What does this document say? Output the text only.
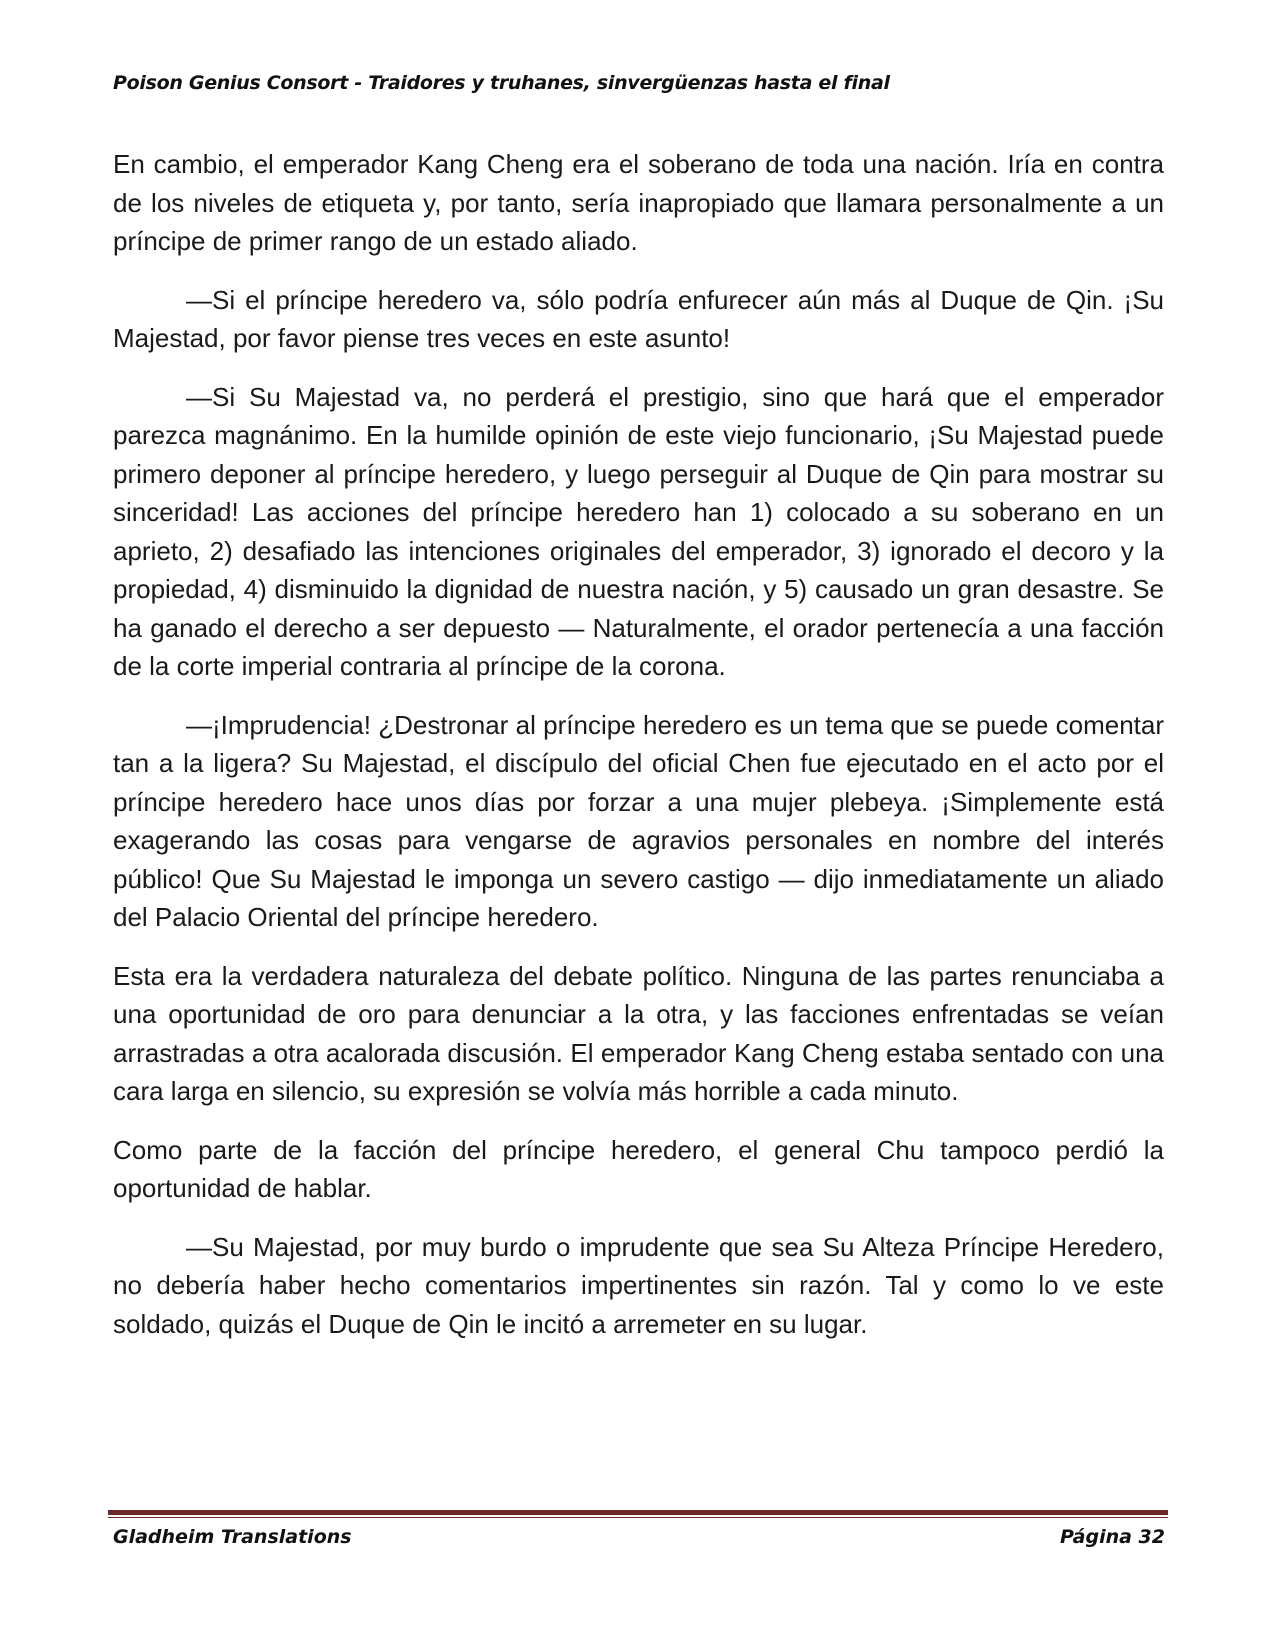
Poison Genius Consort - Traidores y truhanes, sinvergüenzas hasta el final

En cambio, el emperador Kang Cheng era el soberano de toda una nación. Iría en contra de los niveles de etiqueta y, por tanto, sería inapropiado que llamara personalmente a un príncipe de primer rango de un estado aliado.

—Si el príncipe heredero va, sólo podría enfurecer aún más al Duque de Qin. ¡Su Majestad, por favor piense tres veces en este asunto!

—Si Su Majestad va, no perderá el prestigio, sino que hará que el emperador parezca magnánimo. En la humilde opinión de este viejo funcionario, ¡Su Majestad puede primero deponer al príncipe heredero, y luego perseguir al Duque de Qin para mostrar su sinceridad! Las acciones del príncipe heredero han 1) colocado a su soberano en un aprieto, 2) desafiado las intenciones originales del emperador, 3) ignorado el decoro y la propiedad, 4) disminuido la dignidad de nuestra nación, y 5) causado un gran desastre. Se ha ganado el derecho a ser depuesto — Naturalmente, el orador pertenecía a una facción de la corte imperial contraria al príncipe de la corona.

—¡Imprudencia! ¿Destronar al príncipe heredero es un tema que se puede comentar tan a la ligera? Su Majestad, el discípulo del oficial Chen fue ejecutado en el acto por el príncipe heredero hace unos días por forzar a una mujer plebeya. ¡Simplemente está exagerando las cosas para vengarse de agravios personales en nombre del interés público! Que Su Majestad le imponga un severo castigo — dijo inmediatamente un aliado del Palacio Oriental del príncipe heredero.

Esta era la verdadera naturaleza del debate político. Ninguna de las partes renunciaba a una oportunidad de oro para denunciar a la otra, y las facciones enfrentadas se veían arrastradas a otra acalorada discusión. El emperador Kang Cheng estaba sentado con una cara larga en silencio, su expresión se volvía más horrible a cada minuto.

Como parte de la facción del príncipe heredero, el general Chu tampoco perdió la oportunidad de hablar.

—Su Majestad, por muy burdo o imprudente que sea Su Alteza Príncipe Heredero, no debería haber hecho comentarios impertinentes sin razón. Tal y como lo ve este soldado, quizás el Duque de Qin le incitó a arremeter en su lugar.

Gladheim Translations	Página 32
